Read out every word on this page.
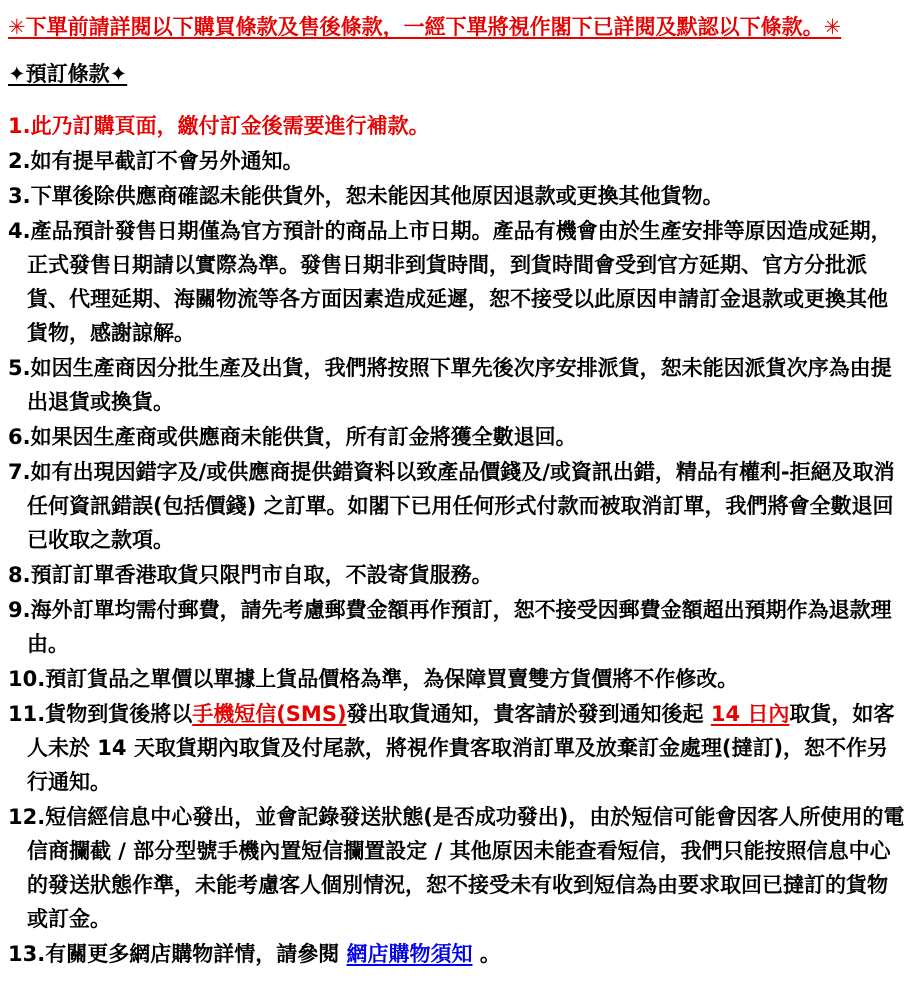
✳下單前請詳閱以下購買條款及售後條款，一經下單將視作閣下已詳閱及默認以下條款。✳
✦預訂條款✦
1.此乃訂購頁面，繳付訂金後需要進行補款。
2.如有提早截訂不會另外通知。
3.下單後除供應商確認未能供貨外，恕未能因其他原因退款或更換其他貨物。
4.產品預計發售日期僅為官方預計的商品上市日期。產品有機會由於生產安排等原因造成延期，正式發售日期請以實際為準。發售日期非到貨時間，到貨時間會受到官方延期、官方分批派貨、代理延期、海關物流等各方面因素造成延遲，恕不接受以此原因申請訂金退款或更換其他貨物，感謝諒解。
5.如因生產商因分批生產及出貨，我們將按照下單先後次序安排派貨，恕未能因派貨次序為由提出退貨或換貨。
6.如果因生產商或供應商未能供貨，所有訂金將獲全數退回。
7.如有出現因錯字及/或供應商提供錯資料以致產品價錢及/或資訊出錯，精品有權利-拒絕及取消任何資訊錯誤(包括價錢) 之訂單。如閣下已用任何形式付款而被取消訂單，我們將會全數退回已收取之款項。
8.預訂訂單香港取貨只限門市自取，不設寄貨服務。
9.海外訂單均需付郵費，請先考慮郵費金額再作預訂，恕不接受因郵費金額超出預期作為退款理由。
10.預訂貨品之單價以單據上貨品價格為準，為保障買賣雙方貨價將不作修改。
11.貨物到貨後將以手機短信(SMS)發出取貨通知，貴客請於發到通知後起 14 日內取貨，如客人未於 14 天取貨期內取貨及付尾款，將視作貴客取消訂單及放棄訂金處理(撻訂)，恕不作另行通知。
12.短信經信息中心發出，並會記錄發送狀態(是否成功發出)，由於短信可能會因客人所使用的電信商攔截 / 部分型號手機內置短信攔置設定 / 其他原因未能查看短信，我們只能按照信息中心的發送狀態作準，未能考慮客人個別情況，恕不接受未有收到短信為由要求取回已撻訂的貨物或訂金。
13.有關更多網店購物詳情，請參閱 網店購物須知 。
